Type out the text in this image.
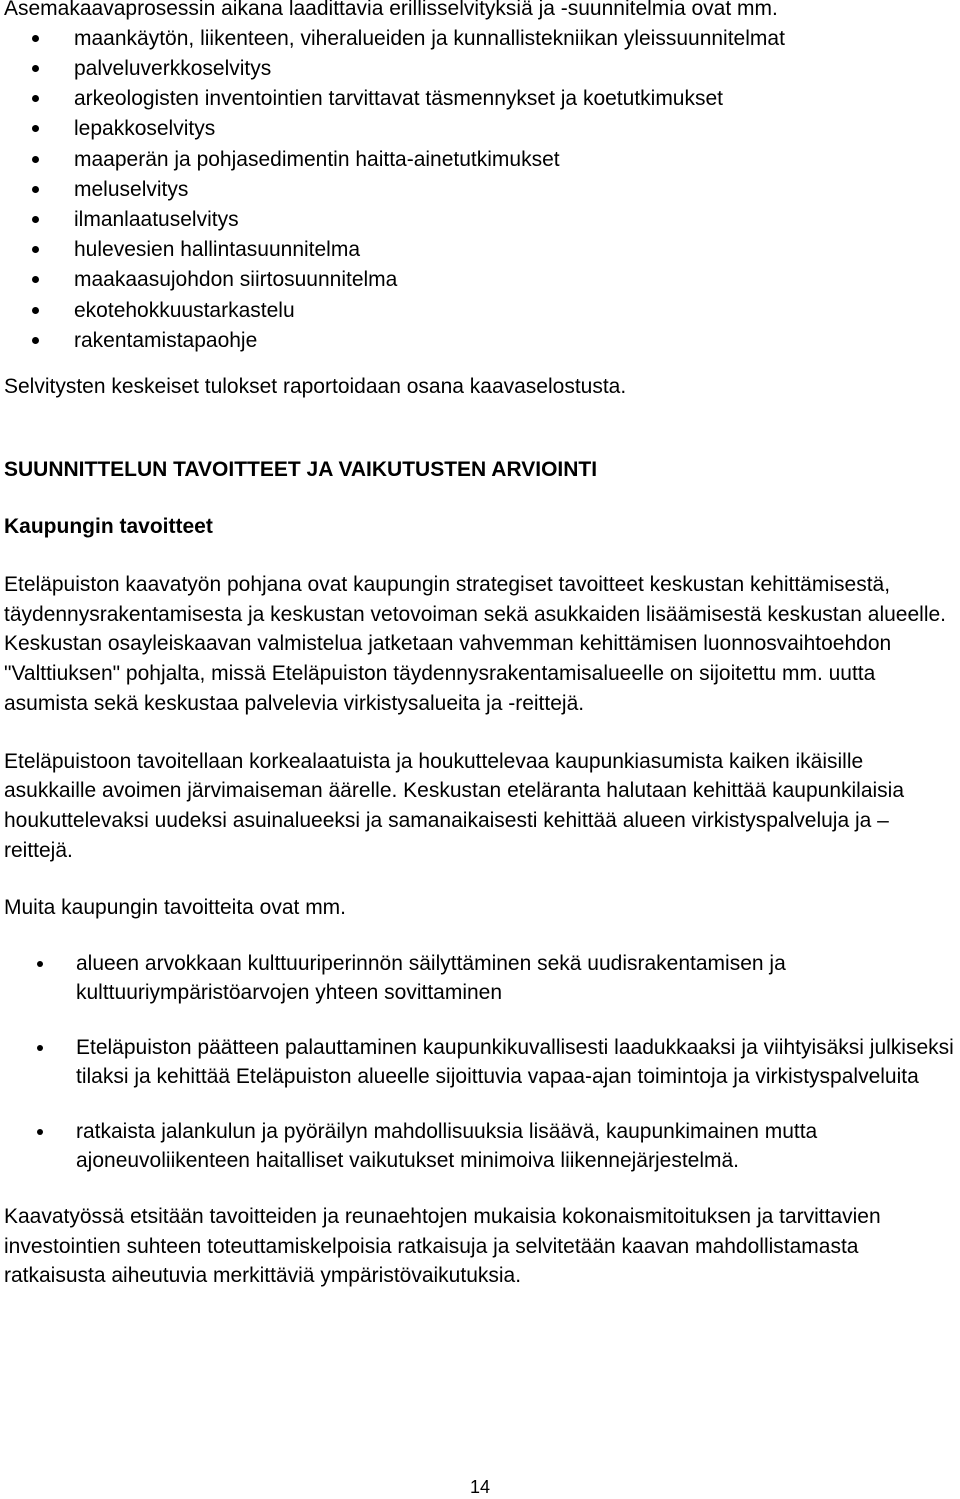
Asemakaavaprosessin aikana laadittavia erillisselvityksiä ja -suunnitelmia ovat mm.

maankäytön, liikenteen, viheralueiden ja kunnallistekniikan yleissuunnitelmat
palveluverkkoselvitys
arkeologisten inventointien tarvittavat täsmennykset ja koetutkimukset
lepakkoselvitys
maaperän ja pohjasedimentin haitta-ainetutkimukset
meluselvitys
ilmanlaatuselvitys
hulevesien hallintasuunnitelma
maakaasujohdon siirtosuunnitelma
ekotehokkuustarkastelu
rakentamistapaohje

Selvitysten keskeiset tulokset raportoidaan osana kaavaselostusta.

SUUNNITTELUN TAVOITTEET JA VAIKUTUSTEN ARVIOINTI

Kaupungin tavoitteet

Eteläpuiston kaavatyön pohjana ovat kaupungin strategiset tavoitteet keskustan kehittämisestä, täydennysrakentamisesta ja keskustan vetovoiman sekä asukkaiden lisäämisestä keskustan alueelle. Keskustan osayleiskaavan valmistelua jatketaan vahvemman kehittämisen luonnosvaihtoehdon "Valttiuksen" pohjalta, missä Eteläpuiston täydennysrakentamisalueelle on sijoitettu mm. uutta asumista sekä keskustaa palvelevia virkistysalueita ja -reittejä.

Eteläpuistoon tavoitellaan korkealaatuista ja houkuttelevaa kaupunkiasumista kaiken ikäisille asukkaille avoimen järvimaiseman äärelle. Keskustan eteläranta halutaan kehittää kaupunkilaisia houkuttelevaksi uudeksi asuinalueeksi ja samanaikaisesti kehittää alueen virkistyspalveluja ja –reittejä.

Muita kaupungin tavoitteita ovat mm.

alueen arvokkaan kulttuuriperinnön säilyttäminen sekä uudisrakentamisen ja kulttuuriympäristöarvojen yhteen sovittaminen
Eteläpuiston päätteen palauttaminen kaupunkikuvallisesti laadukkaaksi ja viihtyisäksi julkiseksi tilaksi ja kehittää Eteläpuiston alueelle sijoittuvia vapaa-ajan toimintoja ja virkistyspalveluita
ratkaista jalankulun ja pyöräilyn mahdollisuuksia lisäävä, kaupunkimainen mutta ajoneuvoliikenteen haitalliset vaikutukset minimoiva liikennejärjestelmä.

Kaavatyössä etsitään tavoitteiden ja reunaehtojen mukaisia kokonaismitoituksen ja tarvittavien investointien suhteen toteuttamiskelpoisia ratkaisuja ja selvitetään kaavan mahdollistamasta ratkaisusta aiheutuvia merkittäviä ympäristövaikutuksia.

14
